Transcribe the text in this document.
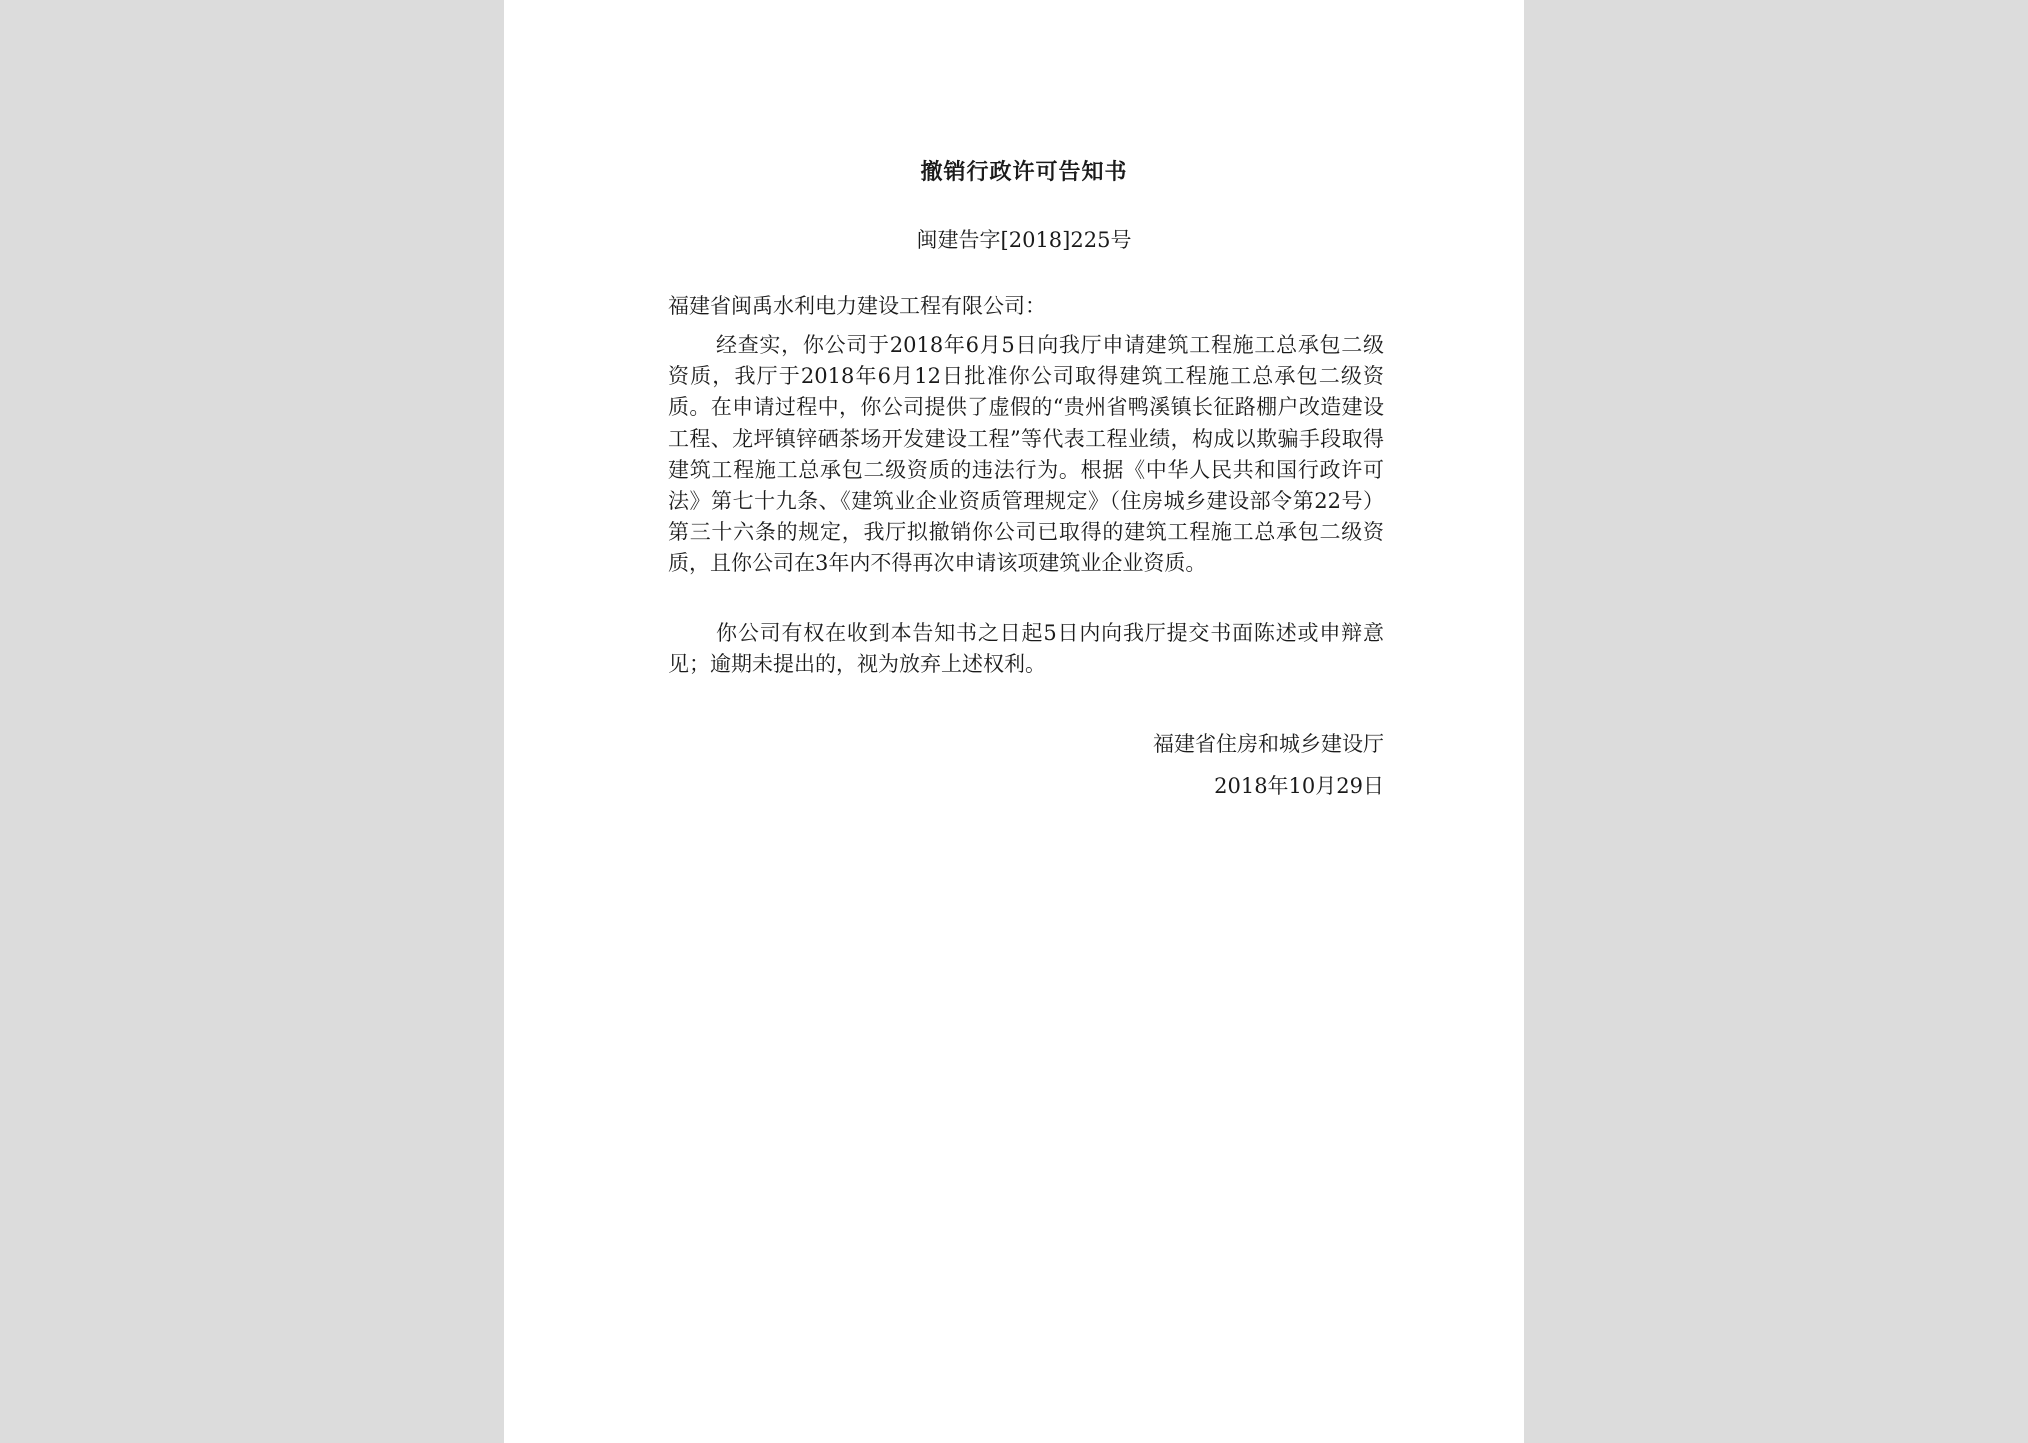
撤销行政许可告知书
闽建告字[2018]225号
福建省闽禹水利电力建设工程有限公司：

经查实，你公司于2018年6月5日向我厅申请建筑工程施工总承包二级资质，我厅于2018年6月12日批准你公司取得建筑工程施工总承包二级资质。在申请过程中，你公司提供了虚假的“贵州省鸭溪镇长征路棚户改造建设工程、龙坪镇锌硒茶场开发建设工程”等代表工程业绩，构成以欺骗手段取得建筑工程施工总承包二级资质的违法行为。根据《中华人民共和国行政许可法》第七十九条、《建筑业企业资质管理规定》（住房城乡建设部令第22号）第三十六条的规定，我厅拟撤销你公司已取得的建筑工程施工总承包二级资质，且你公司在3年内不得再次申请该项建筑业企业资质。

你公司有权在收到本告知书之日起5日内向我厅提交书面陈述或申辩意见；逾期未提出的，视为放弃上述权利。

福建省住房和城乡建设厅
2018年10月29日
